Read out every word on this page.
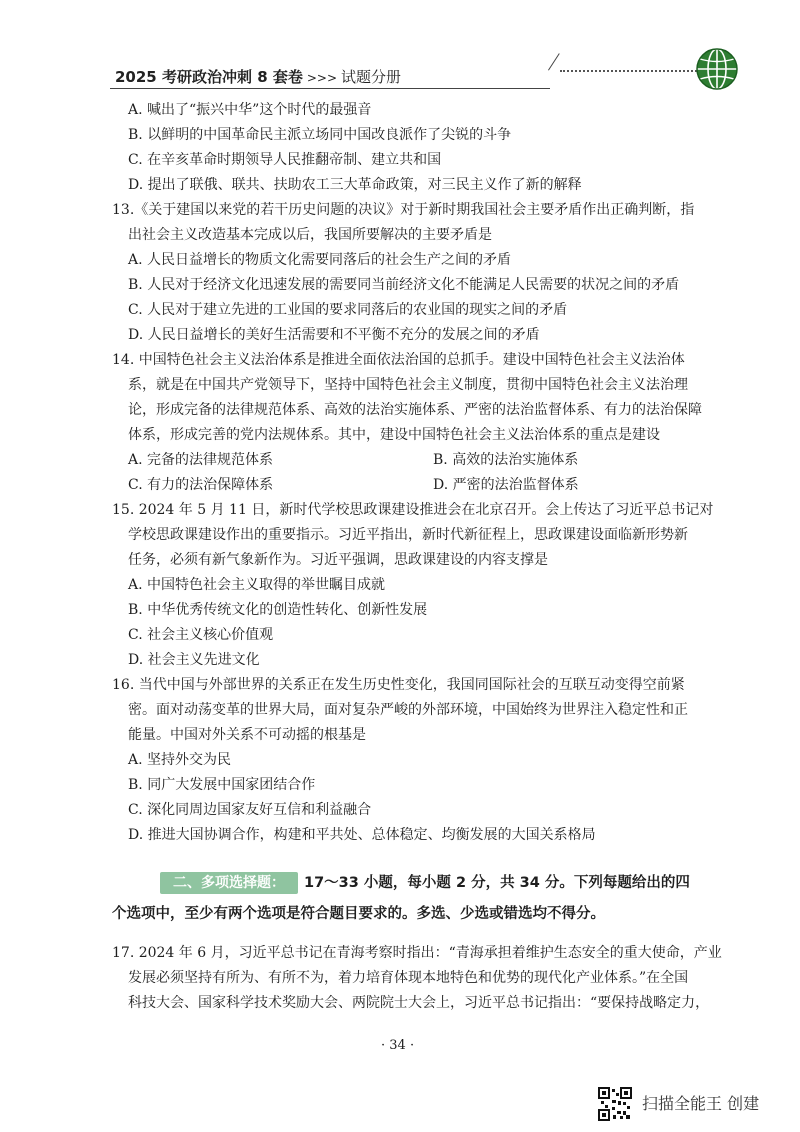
2025 考研政治冲刺 8 套卷 >>> 试题分册
A. 喊出了“振兴中华”这个时代的最强音
B. 以鲜明的中国革命民主派立场同中国改良派作了尖锐的斗争
C. 在辛亥革命时期领导人民推翻帝制、建立共和国
D. 提出了联俄、联共、扶助农工三大革命政策，对三民主义作了新的解释
13.《关于建国以来党的若干历史问题的决议》对于新时期我国社会主要矛盾作出正确判断，指
出社会主义改造基本完成以后，我国所要解决的主要矛盾是
A. 人民日益增长的物质文化需要同落后的社会生产之间的矛盾
B. 人民对于经济文化迅速发展的需要同当前经济文化不能满足人民需要的状况之间的矛盾
C. 人民对于建立先进的工业国的要求同落后的农业国的现实之间的矛盾
D. 人民日益增长的美好生活需要和不平衡不充分的发展之间的矛盾
14. 中国特色社会主义法治体系是推进全面依法治国的总抓手。建设中国特色社会主义法治体
系，就是在中国共产党领导下，坚持中国特色社会主义制度，贯彻中国特色社会主义法治理
论，形成完备的法律规范体系、高效的法治实施体系、严密的法治监督体系、有力的法治保障
体系，形成完善的党内法规体系。其中，建设中国特色社会主义法治体系的重点是建设
A. 完备的法律规范体系	B. 高效的法治实施体系
C. 有力的法治保障体系	D. 严密的法治监督体系
15. 2024 年 5 月 11 日，新时代学校思政课建设推进会在北京召开。会上传达了习近平总书记对
学校思政课建设作出的重要指示。习近平指出，新时代新征程上，思政课建设面临新形势新
任务，必须有新气象新作为。习近平强调，思政课建设的内容支撑是
A. 中国特色社会主义取得的举世瞩目成就
B. 中华优秀传统文化的创造性转化、创新性发展
C. 社会主义核心价值观
D. 社会主义先进文化
16. 当代中国与外部世界的关系正在发生历史性变化，我国同国际社会的互联互动变得空前紧
密。面对动荡变革的世界大局，面对复杂严峻的外部环境，中国始终为世界注入稳定性和正
能量。中国对外关系不可动摇的根基是
A. 坚持外交为民
B. 同广大发展中国家团结合作
C. 深化同周边国家友好互信和利益融合
D. 推进大国协调合作，构建和平共处、总体稳定、均衡发展的大国关系格局
二、多项选择题：	17～33 小题，每小题 2 分，共 34 分。下列每题给出的四
个选项中，至少有两个选项是符合题目要求的。多选、少选或错选均不得分。
17. 2024 年 6 月，习近平总书记在青海考察时指出：“青海承担着维护生态安全的重大使命，产业
发展必须坚持有所为、有所不为，着力培育体现本地特色和优势的现代化产业体系。”在全国
科技大会、国家科学技术奖励大会、两院院士大会上，习近平总书记指出：“要保持战略定力，
· 34 ·
扫描全能王 创建
